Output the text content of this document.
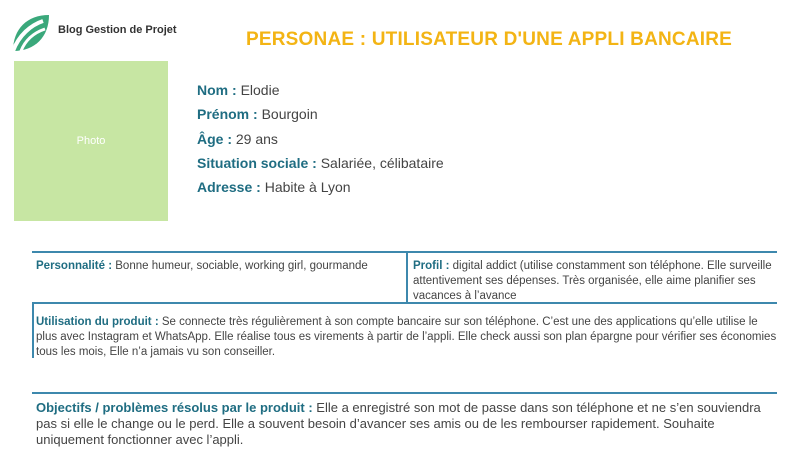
Blog Gestion de Projet	PERSONAE : UTILISATEUR D'UNE APPLI BANCAIRE
Photo
Nom : Elodie
Prénom : Bourgoin
Âge : 29 ans
Situation sociale : Salariée, célibataire
Adresse : Habite à Lyon
Personnalité : Bonne humeur, sociable, working girl, gourmande	Profil : digital addict (utilise constamment son téléphone. Elle surveille attentivement ses dépenses. Très organisée, elle aime planifier ses vacances à l’avance
Utilisation du produit : Se connecte très régulièrement à son compte bancaire sur son téléphone. C’est une des applications qu’elle utilise le plus avec Instagram et WhatsApp. Elle réalise tous es virements à partir de l’appli. Elle check aussi son plan épargne pour vérifier ses économies tous les mois, Elle n’a jamais vu son conseiller.
Objectifs / problèmes résolus par le produit : Elle a enregistré son mot de passe dans son téléphone et ne s’en souviendra pas si elle le change ou le perd. Elle a souvent besoin d’avancer ses amis ou de les rembourser rapidement. Souhaite uniquement fonctionner avec l’appli.
